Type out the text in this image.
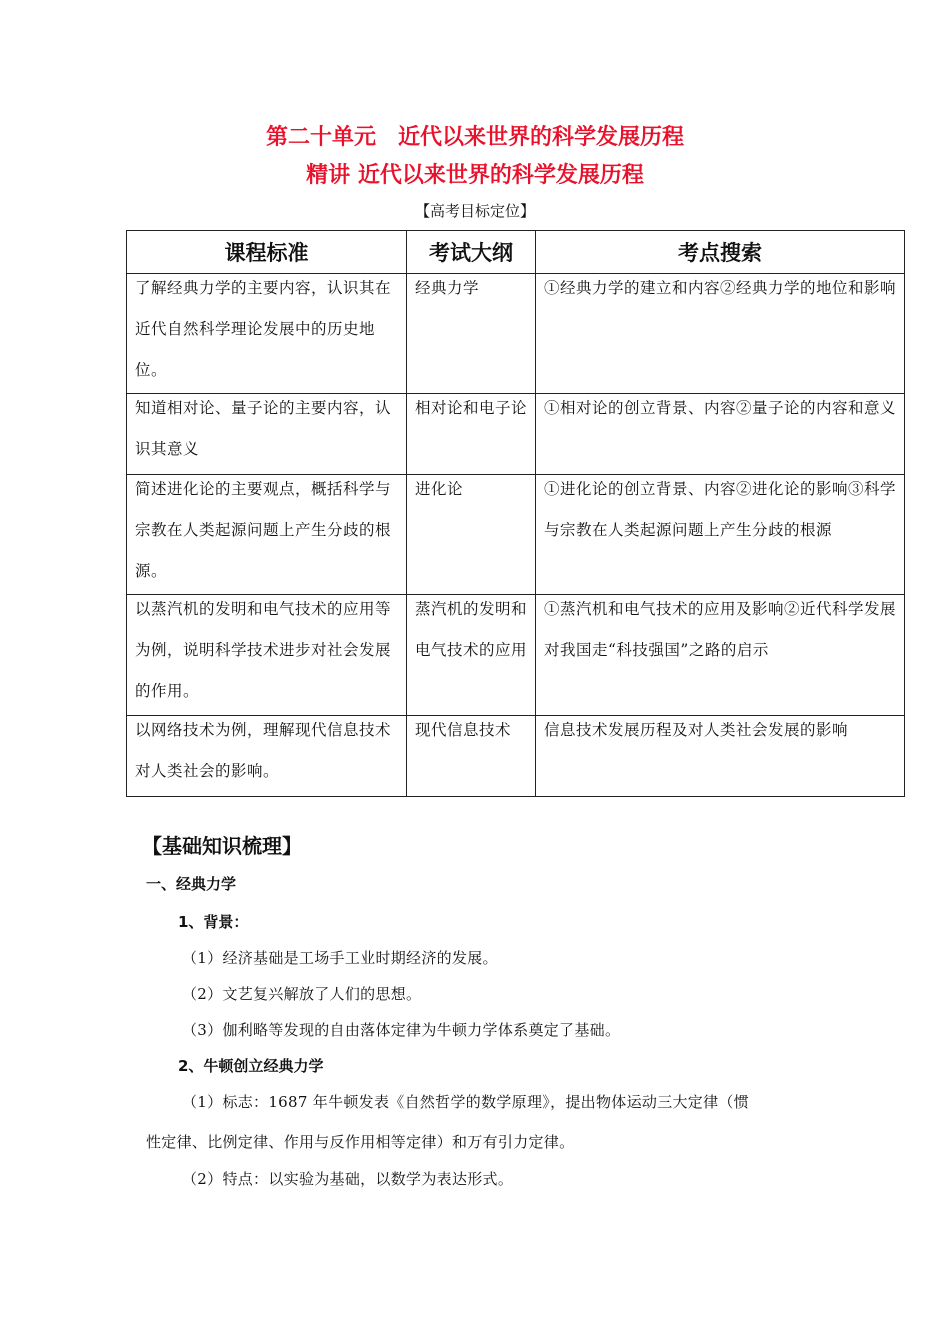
第二十单元　近代以来世界的科学发展历程
精讲 近代以来世界的科学发展历程
【高考目标定位】
课程标准	考试大纲	考点搜索

了解经典力学的主要内容，认识其在近代自然科学理论发展中的历史地位。	经典力学	①经典力学的建立和内容②经典力学的地位和影响

知道相对论、量子论的主要内容，认识其意义	相对论和电子论	①相对论的创立背景、内容②量子论的内容和意义

简述进化论的主要观点，概括科学与宗教在人类起源问题上产生分歧的根源。	进化论	①进化论的创立背景、内容②进化论的影响③科学与宗教在人类起源问题上产生分歧的根源

以蒸汽机的发明和电气技术的应用等为例，说明科学技术进步对社会发展的作用。	蒸汽机的发明和电气技术的应用	①蒸汽机和电气技术的应用及影响②近代科学发展对我国走“科技强国”之路的启示

以网络技术为例，理解现代信息技术对人类社会的影响。	现代信息技术	信息技术发展历程及对人类社会发展的影响
【基础知识梳理】
一、经典力学
1、背景：
（1）经济基础是工场手工业时期经济的发展。
（2）文艺复兴解放了人们的思想。
（3）伽利略等发现的自由落体定律为牛顿力学体系奠定了基础。
2、牛顿创立经典力学
（1）标志：1687 年牛顿发表《自然哲学的数学原理》，提出物体运动三大定律（惯
性定律、比例定律、作用与反作用相等定律）和万有引力定律。
（2）特点：以实验为基础，以数学为表达形式。
